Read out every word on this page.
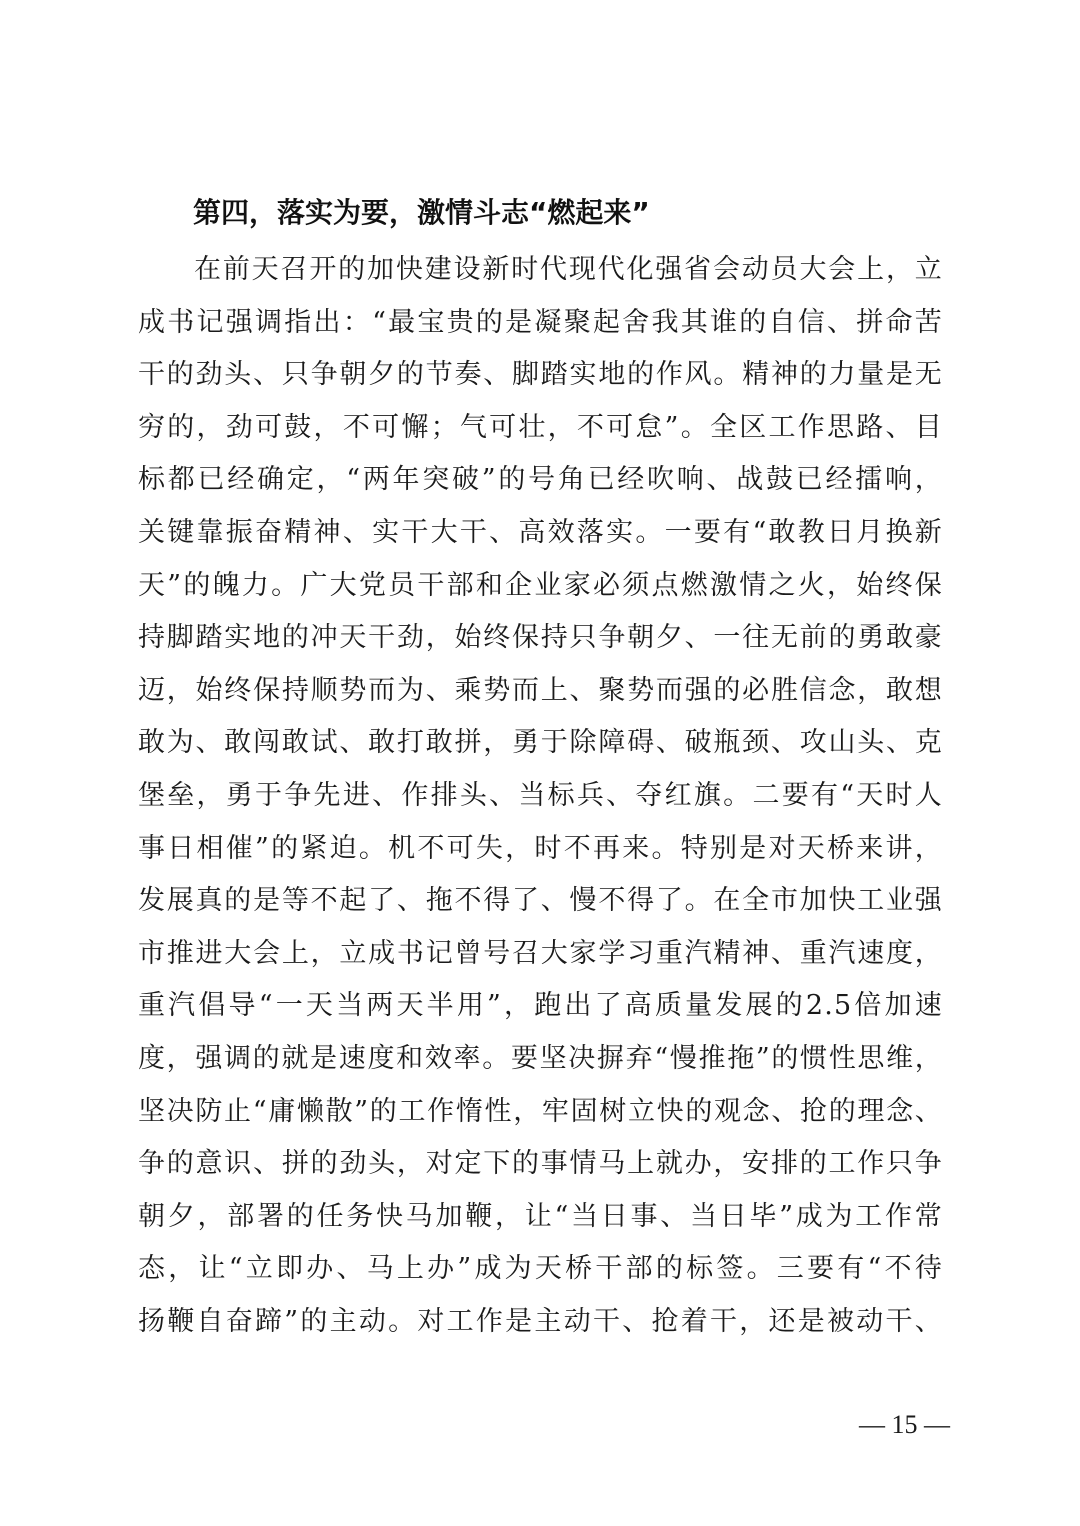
第四，落实为要，激情斗志“燃起来”
在前天召开的加快建设新时代现代化强省会动员大会上，立
成书记强调指出：“最宝贵的是凝聚起舍我其谁的自信、拼命苦
干的劲头、只争朝夕的节奏、脚踏实地的作风。精神的力量是无
穷的，劲可鼓，不可懈；气可壮，不可怠”。全区工作思路、目
标都已经确定，“两年突破”的号角已经吹响、战鼓已经擂响，
关键靠振奋精神、实干大干、高效落实。一要有“敢教日月换新
天”的魄力。广大党员干部和企业家必须点燃激情之火，始终保
持脚踏实地的冲天干劲，始终保持只争朝夕、一往无前的勇敢豪
迈，始终保持顺势而为、乘势而上、聚势而强的必胜信念，敢想
敢为、敢闯敢试、敢打敢拼，勇于除障碍、破瓶颈、攻山头、克
堡垒，勇于争先进、作排头、当标兵、夺红旗。二要有“天时人
事日相催”的紧迫。机不可失，时不再来。特别是对天桥来讲，
发展真的是等不起了、拖不得了、慢不得了。在全市加快工业强
市推进大会上，立成书记曾号召大家学习重汽精神、重汽速度，
重汽倡导“一天当两天半用”，跑出了高质量发展的2.5倍加速
度，强调的就是速度和效率。要坚决摒弃“慢推拖”的惯性思维，
坚决防止“庸懒散”的工作惰性，牢固树立快的观念、抢的理念、
争的意识、拼的劲头，对定下的事情马上就办，安排的工作只争
朝夕，部署的任务快马加鞭，让“当日事、当日毕”成为工作常
态，让“立即办、马上办”成为天桥干部的标签。三要有“不待
扬鞭自奋蹄”的主动。对工作是主动干、抢着干，还是被动干、
— 15 —
